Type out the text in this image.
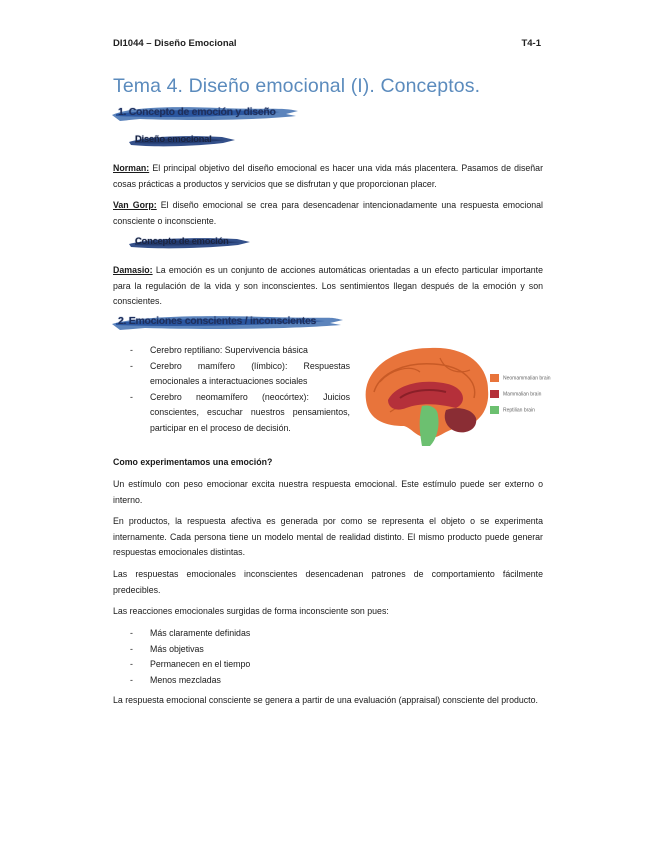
DI1044 – Diseño Emocional	T4-1
Tema 4. Diseño emocional (I). Conceptos.
1. Concepto de emoción y diseño
Diseño emocional
Norman: El principal objetivo del diseño emocional es hacer una vida más placentera. Pasamos de diseñar cosas prácticas a productos y servicios que se disfrutan y que proporcionan placer.
Van Gorp: El diseño emocional se crea para desencadenar intencionadamente una respuesta emocional consciente o inconsciente.
Concepto de emoción
Damasio: La emoción es un conjunto de acciones automáticas orientadas a un efecto particular importante para la regulación de la vida y son inconscientes. Los sentimientos llegan después de la emoción y son conscientes.
2. Emociones conscientes / inconscientes
- Cerebro reptiliano: Supervivencia básica
- Cerebro mamífero (límbico): Respuestas emocionales a interactuaciones sociales
- Cerebro neomamífero (neocórtex): Juicios conscientes, escuchar nuestros pensamientos, participar en el proceso de decisión.
Neomammalian brain
Mammalian brain
Reptilian brain
Como experimentamos una emoción?
Un estímulo con peso emocionar excita nuestra respuesta emocional. Este estímulo puede ser externo o interno.
En productos, la respuesta afectiva es generada por como se representa el objeto o se experimenta internamente. Cada persona tiene un modelo mental de realidad distinto. El mismo producto puede generar respuestas emocionales distintas.
Las respuestas emocionales inconscientes desencadenan patrones de comportamiento fácilmente predecibles.
Las reacciones emocionales surgidas de forma inconsciente son pues:
- Más claramente definidas
- Más objetivas
- Permanecen en el tiempo
- Menos mezcladas
La respuesta emocional consciente se genera a partir de una evaluación (appraisal) consciente del producto.
